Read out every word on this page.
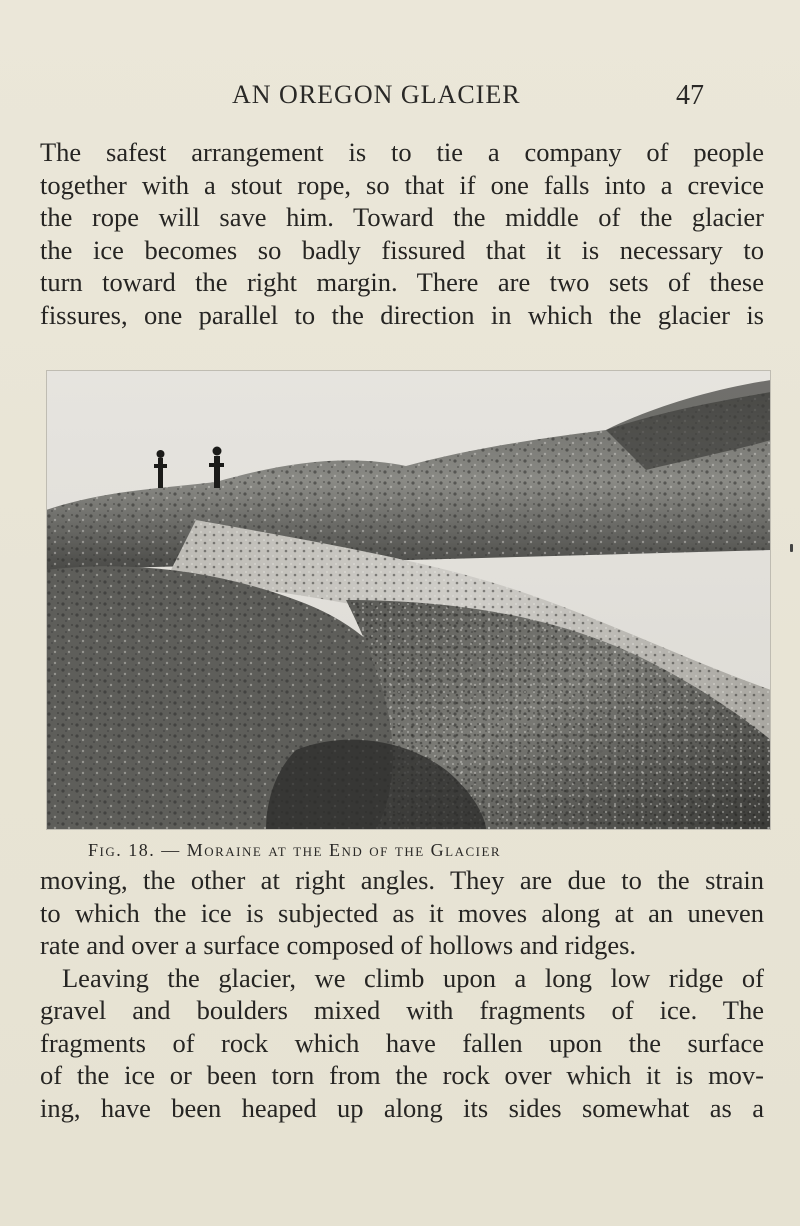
AN OREGON GLACIER	47
The safest arrangement is to tie a company of people
together with a stout rope, so that if one falls into a crevice
the rope will save him. Toward the middle of the glacier
the ice becomes so badly fissured that it is necessary to
turn toward the right margin. There are two sets of these
fissures, one parallel to the direction in which the glacier is
Fig. 18. — Moraine at the End of the Glacier
moving, the other at right angles. They are due to the strain
to which the ice is subjected as it moves along at an uneven
rate and over a surface composed of hollows and ridges.
Leaving the glacier, we climb upon a long low ridge of
gravel and boulders mixed with fragments of ice. The
fragments of rock which have fallen upon the surface
of the ice or been torn from the rock over which it is mov-
ing, have been heaped up along its sides somewhat as a
